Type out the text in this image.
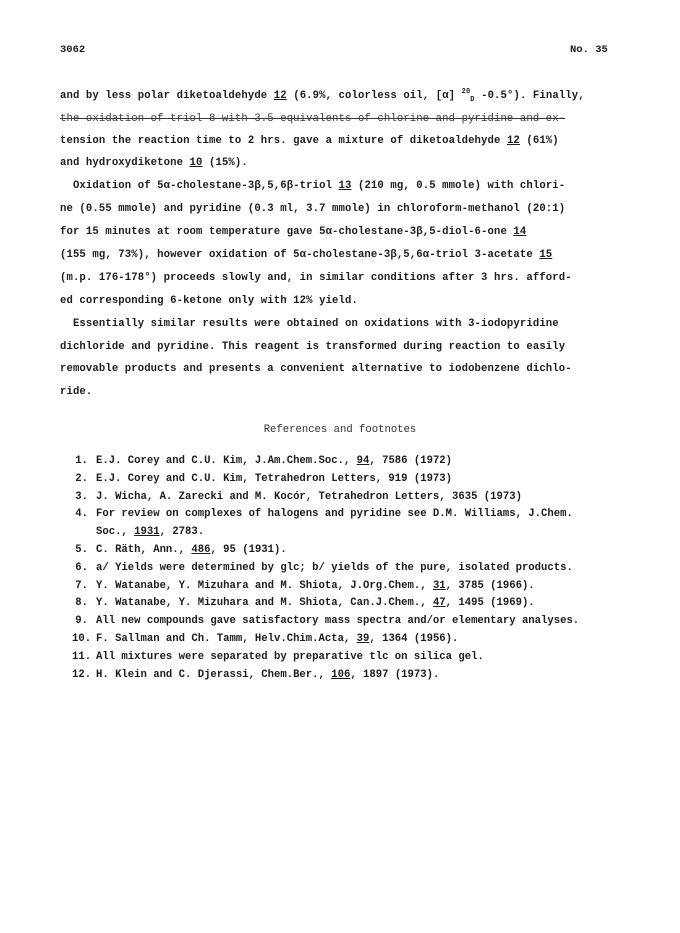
3062	No. 35
and by less polar diketoaldehyde 12 (6.9%, colorless oil, [α] $^{20}_D$ -0.5°). Finally,
the oxidation of triol 8 with 3.5 equivalents of chlorine and pyridine and ex-
tension the reaction time to 2 hrs. gave a mixture of diketoaldehyde 12 (61%)
and hydroxydiketone 10 (15%).
Oxidation of 5α-cholestane-3β,5,6β-triol 13 (210 mg, 0.5 mmole) with chlori-
ne (0.55 mmole) and pyridine (0.3 ml, 3.7 mmole) in chloroform-methanol (20:1)
for 15 minutes at room temperature gave 5α-cholestane-3β,5-diol-6-one 14
(155 mg, 73%), however oxidation of 5α-cholestane-3β,5,6α-triol 3-acetate 15
(m.p. 176-178°) proceeds slowly and, in similar conditions after 3 hrs. afford-
ed corresponding 6-ketone only with 12% yield.
Essentially similar results were obtained on oxidations with 3-iodopyridine
dichloride and pyridine. This reagent is transformed during reaction to easily
removable products and presents a convenient alternative to iodobenzene dichlo-
ride.
References and footnotes
1. E.J. Corey and C.U. Kim, J.Am.Chem.Soc., 94, 7586 (1972)
2. E.J. Corey and C.U. Kim, Tetrahedron Letters, 919 (1973)
3. J. Wicha, A. Zarecki and M. Kocór, Tetrahedron Letters, 3635 (1973)
4. For review on complexes of halogens and pyridine see D.M. Williams, J.Chem.
Soc., 1931, 2783.
5. C. Räth, Ann., 486, 95 (1931).
6. a/ Yields were determined by glc; b/ yields of the pure, isolated products.
7. Y. Watanabe, Y. Mizuhara and M. Shiota, J.Org.Chem., 31, 3785 (1966).
8. Y. Watanabe, Y. Mizuhara and M. Shiota, Can.J.Chem., 47, 1495 (1969).
9. All new compounds gave satisfactory mass spectra and/or elementary analyses.
10. F. Sallman and Ch. Tamm, Helv.Chim.Acta, 39, 1364 (1956).
11. All mixtures were separated by preparative tlc on silica gel.
12. H. Klein and C. Djerassi, Chem.Ber., 106, 1897 (1973).
